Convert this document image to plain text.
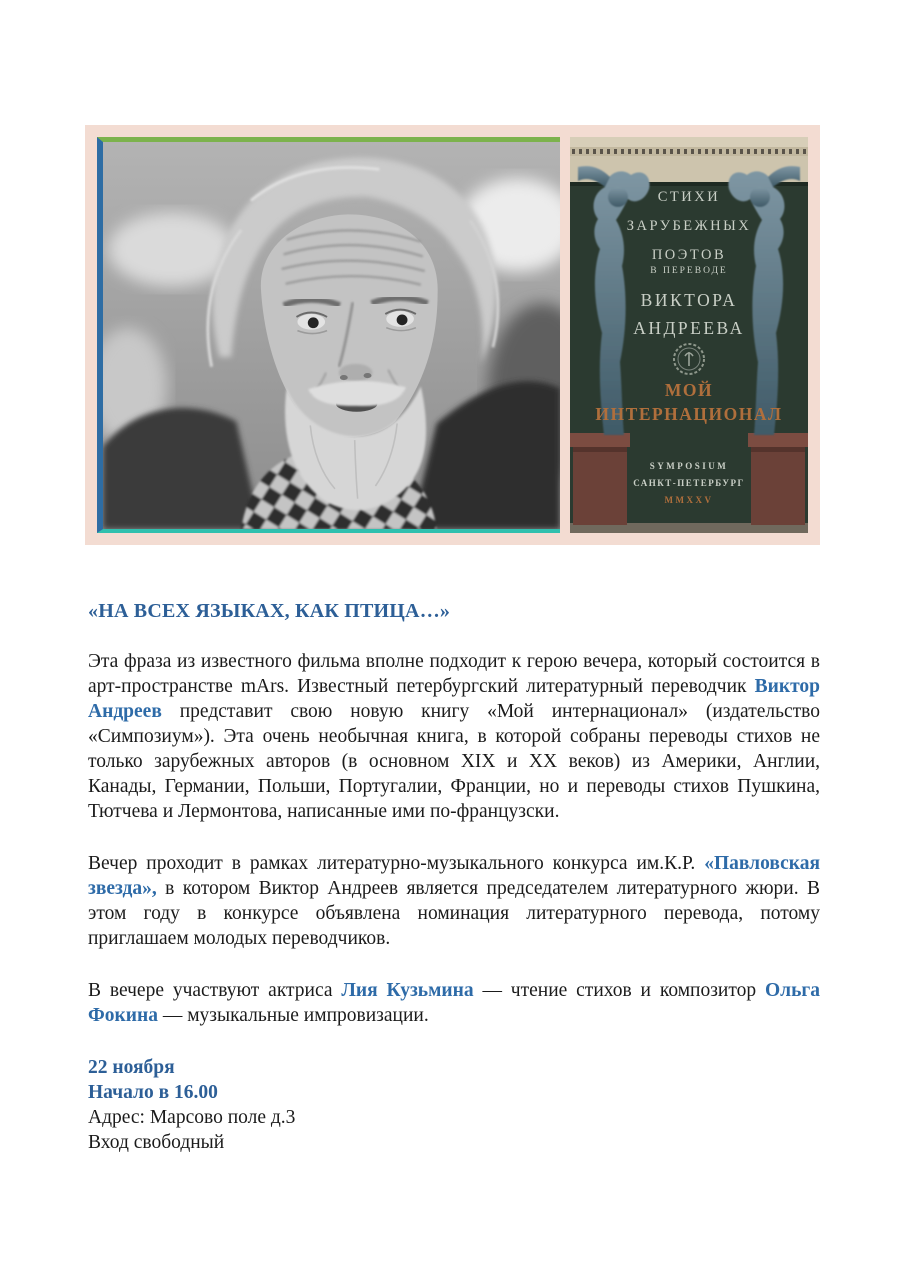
СТИХИ
ЗАРУБЕЖНЫХ
ПОЭТОВ
В ПЕРЕВОДЕ
ВИКТОРА
АНДРЕЕВА
МОЙ
ИНТЕРНАЦИОНАЛ
SYMPOSIUM
САНКТ-ПЕТЕРБУРГ
MMXXV
«НА ВСЕХ ЯЗЫКАХ, КАК ПТИЦА…»

Эта фраза из известного фильма вполне подходит к герою вечера, который состоится в арт-пространстве mArs. Известный петербургский литературный переводчик Виктор Андреев представит свою новую книгу «Мой интернационал» (издательство «Симпозиум»). Эта очень необычная книга, в которой собраны переводы стихов не только зарубежных авторов (в основном XIX и XX веков) из Америки, Англии, Канады, Германии, Польши, Португалии, Франции, но и переводы стихов Пушкина, Тютчева и Лермонтова, написанные ими по-французски.

Вечер проходит в рамках литературно-музыкального конкурса им.К.Р. «Павловская звезда», в котором Виктор Андреев является председателем литературного жюри. В этом году в конкурсе объявлена номинация литературного перевода, потому приглашаем молодых переводчиков.

В вечере участвуют актриса Лия Кузьмина — чтение стихов и композитор Ольга Фокина — музыкальные импровизации.

22 ноября
Начало в 16.00
Адрес: Марсово поле д.3
Вход свободный
